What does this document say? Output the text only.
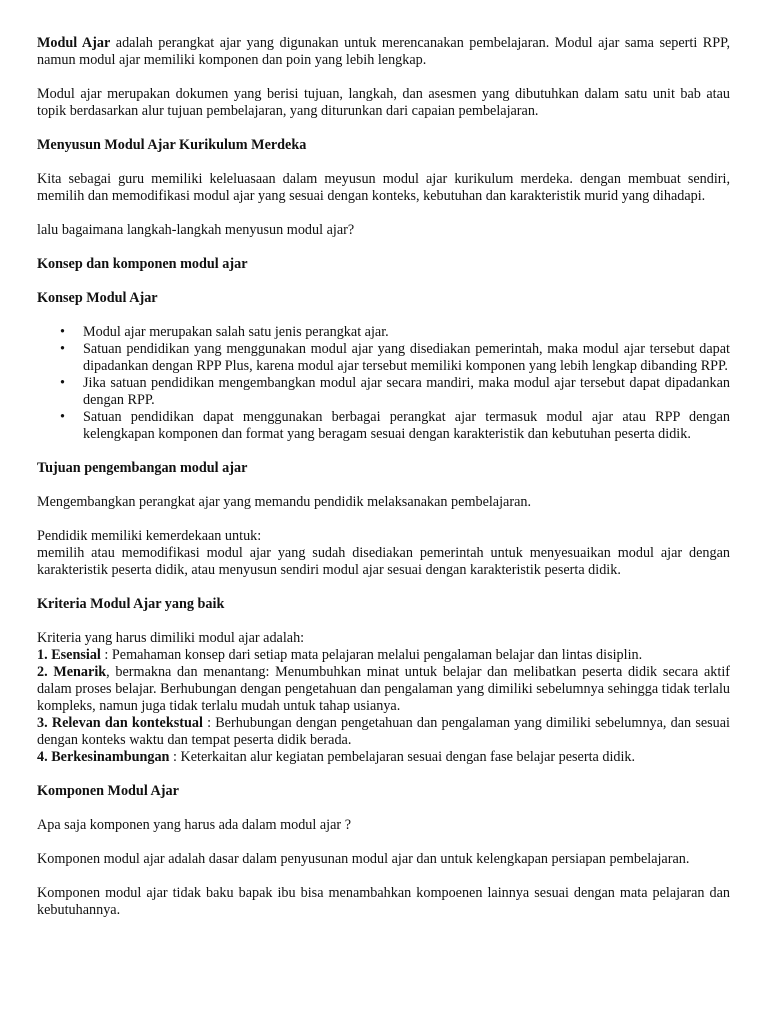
Modul Ajar adalah perangkat ajar yang digunakan untuk merencanakan pembelajaran. Modul ajar sama seperti RPP, namun modul ajar memiliki komponen dan poin yang lebih lengkap.

Modul ajar merupakan dokumen yang berisi tujuan, langkah, dan asesmen yang dibutuhkan dalam satu unit bab atau topik berdasarkan alur tujuan pembelajaran, yang diturunkan dari capaian pembelajaran.

Menyusun Modul Ajar Kurikulum Merdeka

Kita sebagai guru memiliki keleluasaan dalam meyusun modul ajar kurikulum merdeka. dengan membuat sendiri, memilih dan memodifikasi modul ajar yang sesuai dengan konteks, kebutuhan dan karakteristik murid yang dihadapi.

lalu bagaimana langkah-langkah menyusun modul ajar?

Konsep dan komponen modul ajar
Konsep Modul Ajar
• Modul ajar merupakan salah satu jenis perangkat ajar.
• Satuan pendidikan yang menggunakan modul ajar yang disediakan pemerintah, maka modul ajar tersebut dapat dipadankan dengan RPP Plus, karena modul ajar tersebut memiliki komponen yang lebih lengkap dibanding RPP.
• Jika satuan pendidikan mengembangkan modul ajar secara mandiri, maka modul ajar tersebut dapat dipadankan dengan RPP.
• Satuan pendidikan dapat menggunakan berbagai perangkat ajar termasuk modul ajar atau RPP dengan kelengkapan komponen dan format yang beragam sesuai dengan karakteristik dan kebutuhan peserta didik.
Tujuan pengembangan modul ajar

Mengembangkan perangkat ajar yang memandu pendidik melaksanakan pembelajaran.

Pendidik memiliki kemerdekaan untuk:
memilih atau memodifikasi modul ajar yang sudah disediakan pemerintah untuk menyesuaikan modul ajar dengan karakteristik peserta didik, atau menyusun sendiri modul ajar sesuai dengan karakteristik peserta didik.
Kriteria Modul Ajar yang baik
Kriteria yang harus dimiliki modul ajar adalah:
1. Esensial : Pemahaman konsep dari setiap mata pelajaran melalui pengalaman belajar dan lintas disiplin.
2. Menarik, bermakna dan menantang: Menumbuhkan minat untuk belajar dan melibatkan peserta didik secara aktif dalam proses belajar. Berhubungan dengan pengetahuan dan pengalaman yang dimiliki sebelumnya sehingga tidak terlalu kompleks, namun juga tidak terlalu mudah untuk tahap usianya.
3. Relevan dan kontekstual : Berhubungan dengan pengetahuan dan pengalaman yang dimiliki sebelumnya, dan sesuai dengan konteks waktu dan tempat peserta didik berada.
4. Berkesinambungan : Keterkaitan alur kegiatan pembelajaran sesuai dengan fase belajar peserta didik.
Komponen Modul Ajar

Apa saja komponen yang harus ada dalam modul ajar ?

Komponen modul ajar adalah dasar dalam penyusunan modul ajar dan untuk kelengkapan persiapan pembelajaran.

Komponen modul ajar tidak baku bapak ibu bisa menambahkan kompoenen lainnya sesuai dengan mata pelajaran dan kebutuhannya.
